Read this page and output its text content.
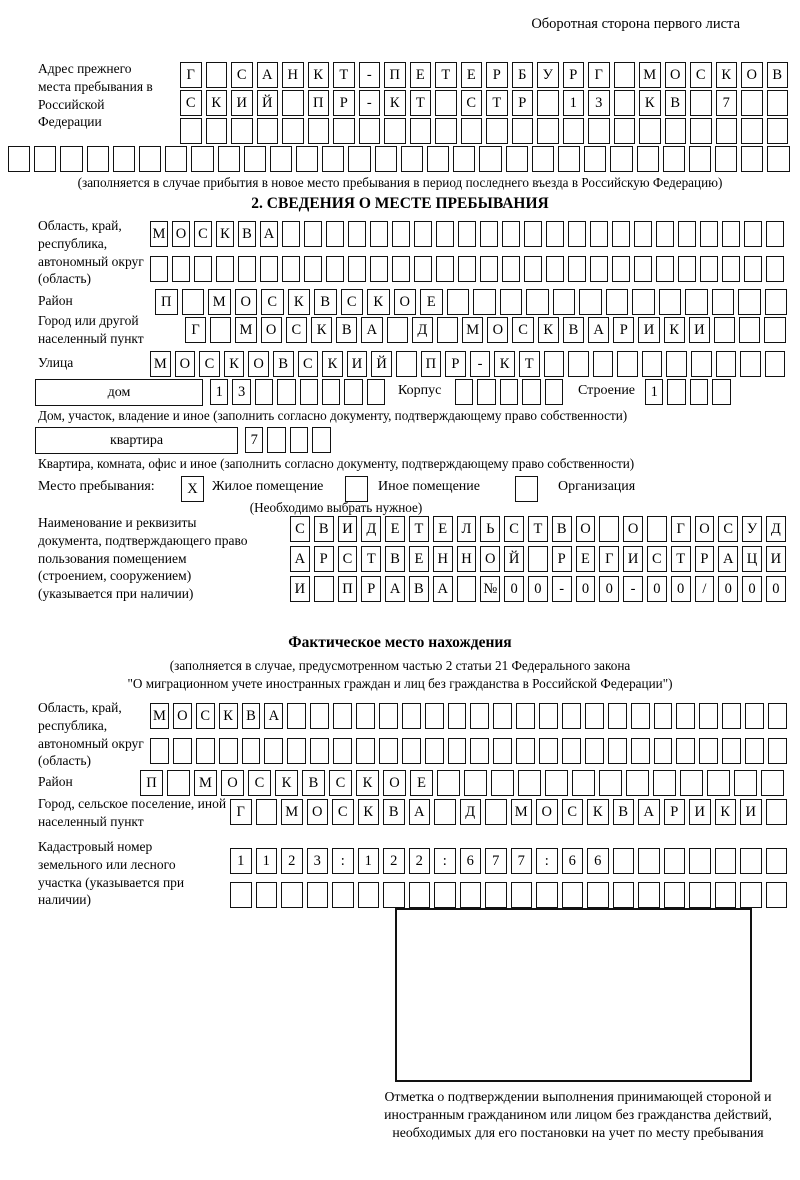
Оборотная сторона первого листа
Адрес прежнего места пребывания в Российской Федерации
Г	С	А	Н	К	Т	-	П	Е	Т	Е	Р	Б	У	Р	Г	М О	С	К	О	В
С	К	И	Й	П	Р	-	К	Т	С	Т	Р	1	3	К	В	7
(заполняется в случае прибытия в новое место пребывания в период последнего въезда в Российскую Федерацию)
2. СВЕДЕНИЯ О МЕСТЕ ПРЕБЫВАНИЯ
Область, край, республика, автономный округ (область)
М О С К В А
Район	П	М	О	С	К	В	С	К	О	Е
Город или другой населенный пункт
Г	М О	С	К	В	А	Д	М О	С	К	В	А	Р	И	К	И
Улица	М О	С	К	О	В	С	К	И Й	П	Р	-	К	Т
дом	1	3	Корпус	Строение	1
Дом, участок, владение и иное (заполнить согласно документу, подтверждающему право собственности)
квартира	7
Квартира, комната, офис и иное (заполнить согласно документу, подтверждающему право собственности)
Место пребывания:	X	Жилое помещение	Иное помещение	Организация
(Необходимо выбрать нужное)
Наименование и реквизиты документа, подтверждающего право пользования помещением (строением, сооружением) (указывается при наличии)
С В И Д Е	Т	Е Л	Ь	С	Т	В О	О	Г О С У Д
А	Р	С	Т	В	Е Н Н О Й	Р	Е	Г И С	Т	Р	А Ц И
И	П	Р	А В А	№ 0	0	-	0	0	-	0	0	/	0	0	0
Фактическое место нахождения
(заполняется в случае, предусмотренном частью 2 статьи 21 Федерального закона
"О миграционном учете иностранных граждан и лиц без гражданства в Российской Федерации")
Область, край, республика, автономный округ (область)
М О С К В А
Район	П	М	О	С	К	В	С	К	О	Е
Город, сельское поселение, иной населенный пункт
Г	М О	С	К	В	А	Д	М О	С	К	В	А	Р	И	К	И
Кадастровый номер земельного или лесного участка (указывается при наличии)
1	1	2	3	:	1	2	2	:	6	7	7	:	6	6
Отметка о подтверждении выполнения принимающей стороной и иностранным гражданином или лицом без гражданства действий, необходимых для его постановки на учет по месту пребывания
